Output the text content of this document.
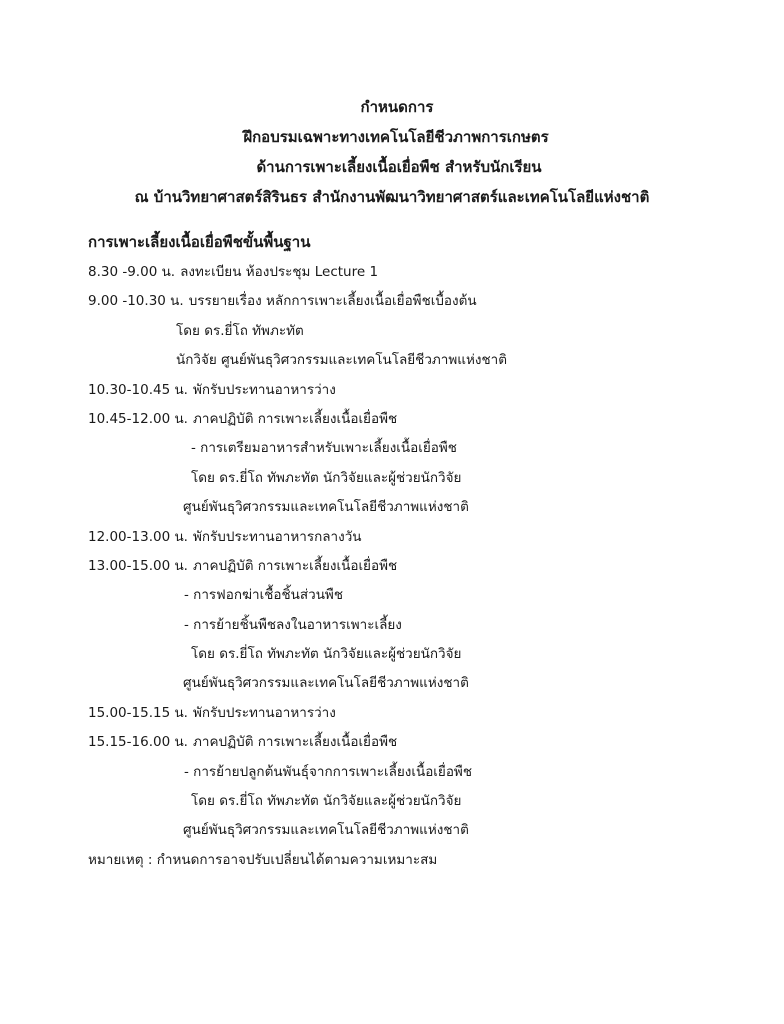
กำหนดการ
ฝึกอบรมเฉพาะทางเทคโนโลยีชีวภาพการเกษตร
ด้านการเพาะเลี้ยงเนื้อเยื่อพืช สำหรับนักเรียน
ณ บ้านวิทยาศาสตร์สิรินธร สำนักงานพัฒนาวิทยาศาสตร์และเทคโนโลยีแห่งชาติ
การเพาะเลี้ยงเนื้อเยื่อพืชขั้นพื้นฐาน
8.30 -9.00 น. ลงทะเบียน ห้องประชุม Lecture 1
9.00 -10.30 น. บรรยายเรื่อง หลักการเพาะเลี้ยงเนื้อเยื่อพืชเบื้องต้น
โดย ดร.ยี่โถ ทัพภะทัต
นักวิจัย ศูนย์พันธุวิศวกรรมและเทคโนโลยีชีวภาพแห่งชาติ
10.30-10.45 น. พักรับประทานอาหารว่าง
10.45-12.00 น. ภาคปฏิบัติ การเพาะเลี้ยงเนื้อเยื่อพืช
- การเตรียมอาหารสำหรับเพาะเลี้ยงเนื้อเยื่อพืช
โดย ดร.ยี่โถ ทัพภะทัต นักวิจัยและผู้ช่วยนักวิจัย
ศูนย์พันธุวิศวกรรมและเทคโนโลยีชีวภาพแห่งชาติ
12.00-13.00 น. พักรับประทานอาหารกลางวัน
13.00-15.00 น. ภาคปฏิบัติ การเพาะเลี้ยงเนื้อเยื่อพืช
- การฟอกฆ่าเชื้อชิ้นส่วนพืช
- การย้ายชิ้นพืชลงในอาหารเพาะเลี้ยง
โดย ดร.ยี่โถ ทัพภะทัต นักวิจัยและผู้ช่วยนักวิจัย
ศูนย์พันธุวิศวกรรมและเทคโนโลยีชีวภาพแห่งชาติ
15.00-15.15 น. พักรับประทานอาหารว่าง
15.15-16.00 น. ภาคปฏิบัติ การเพาะเลี้ยงเนื้อเยื่อพืช
- การย้ายปลูกต้นพันธุ์จากการเพาะเลี้ยงเนื้อเยื่อพืช
โดย ดร.ยี่โถ ทัพภะทัต นักวิจัยและผู้ช่วยนักวิจัย
ศูนย์พันธุวิศวกรรมและเทคโนโลยีชีวภาพแห่งชาติ
หมายเหตุ : กำหนดการอาจปรับเปลี่ยนได้ตามความเหมาะสม
